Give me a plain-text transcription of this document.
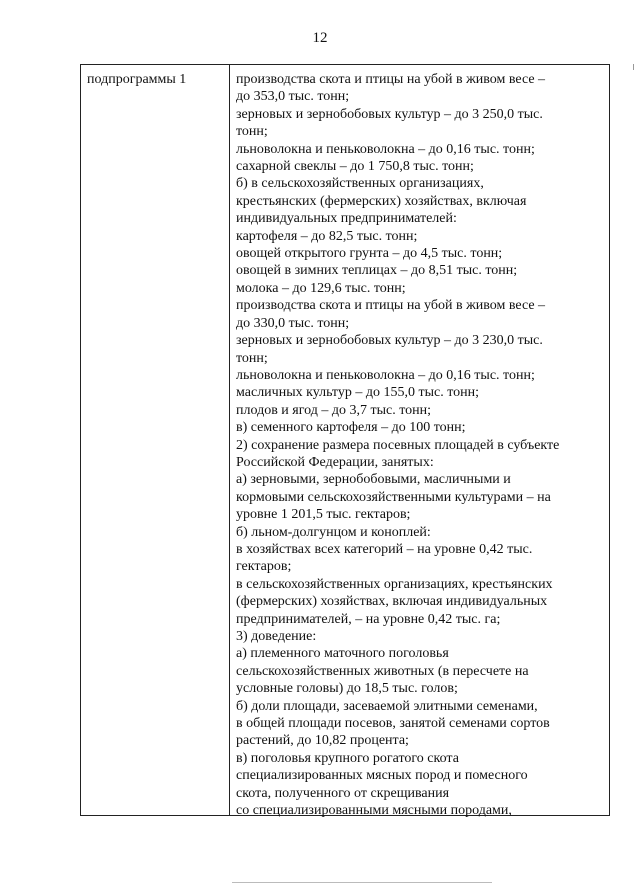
12
подпрограммы 1	производства скота и птицы на убой в живом весе –
до 353,0 тыс. тонн;
зерновых и зернобобовых культур – до 3 250,0 тыс.
тонн;
льноволокна и пеньковолокна – до 0,16 тыс. тонн;
сахарной свеклы – до 1 750,8 тыс. тонн;
б) в сельскохозяйственных организациях,
крестьянских (фермерских) хозяйствах, включая
индивидуальных предпринимателей:
картофеля – до 82,5 тыс. тонн;
овощей открытого грунта – до 4,5 тыс. тонн;
овощей в зимних теплицах – до 8,51 тыс. тонн;
молока – до 129,6 тыс. тонн;
производства скота и птицы на убой в живом весе –
до 330,0 тыс. тонн;
зерновых и зернобобовых культур – до 3 230,0 тыс.
тонн;
льноволокна и пеньковолокна – до 0,16 тыс. тонн;
масличных культур – до 155,0 тыс. тонн;
плодов и ягод – до 3,7 тыс. тонн;
в) семенного картофеля – до 100 тонн;
2) сохранение размера посевных площадей в субъекте
Российской Федерации, занятых:
а) зерновыми, зернобобовыми, масличными и
кормовыми сельскохозяйственными культурами – на
уровне 1 201,5 тыс. гектаров;
б) льном-долгунцом и коноплей:
в хозяйствах всех категорий – на уровне 0,42 тыс.
гектаров;
в сельскохозяйственных организациях, крестьянских
(фермерских) хозяйствах, включая индивидуальных
предпринимателей, – на уровне 0,42 тыс. га;
3) доведение:
а) племенного маточного поголовья
сельскохозяйственных животных (в пересчете на
условные головы) до 18,5 тыс. голов;
б) доли площади, засеваемой элитными семенами,
в общей площади посевов, занятой семенами сортов
растений, до 10,82 процента;
в) поголовья крупного рогатого скота
специализированных мясных пород и помесного
скота, полученного от скрещивания
со специализированными мясными породами,
